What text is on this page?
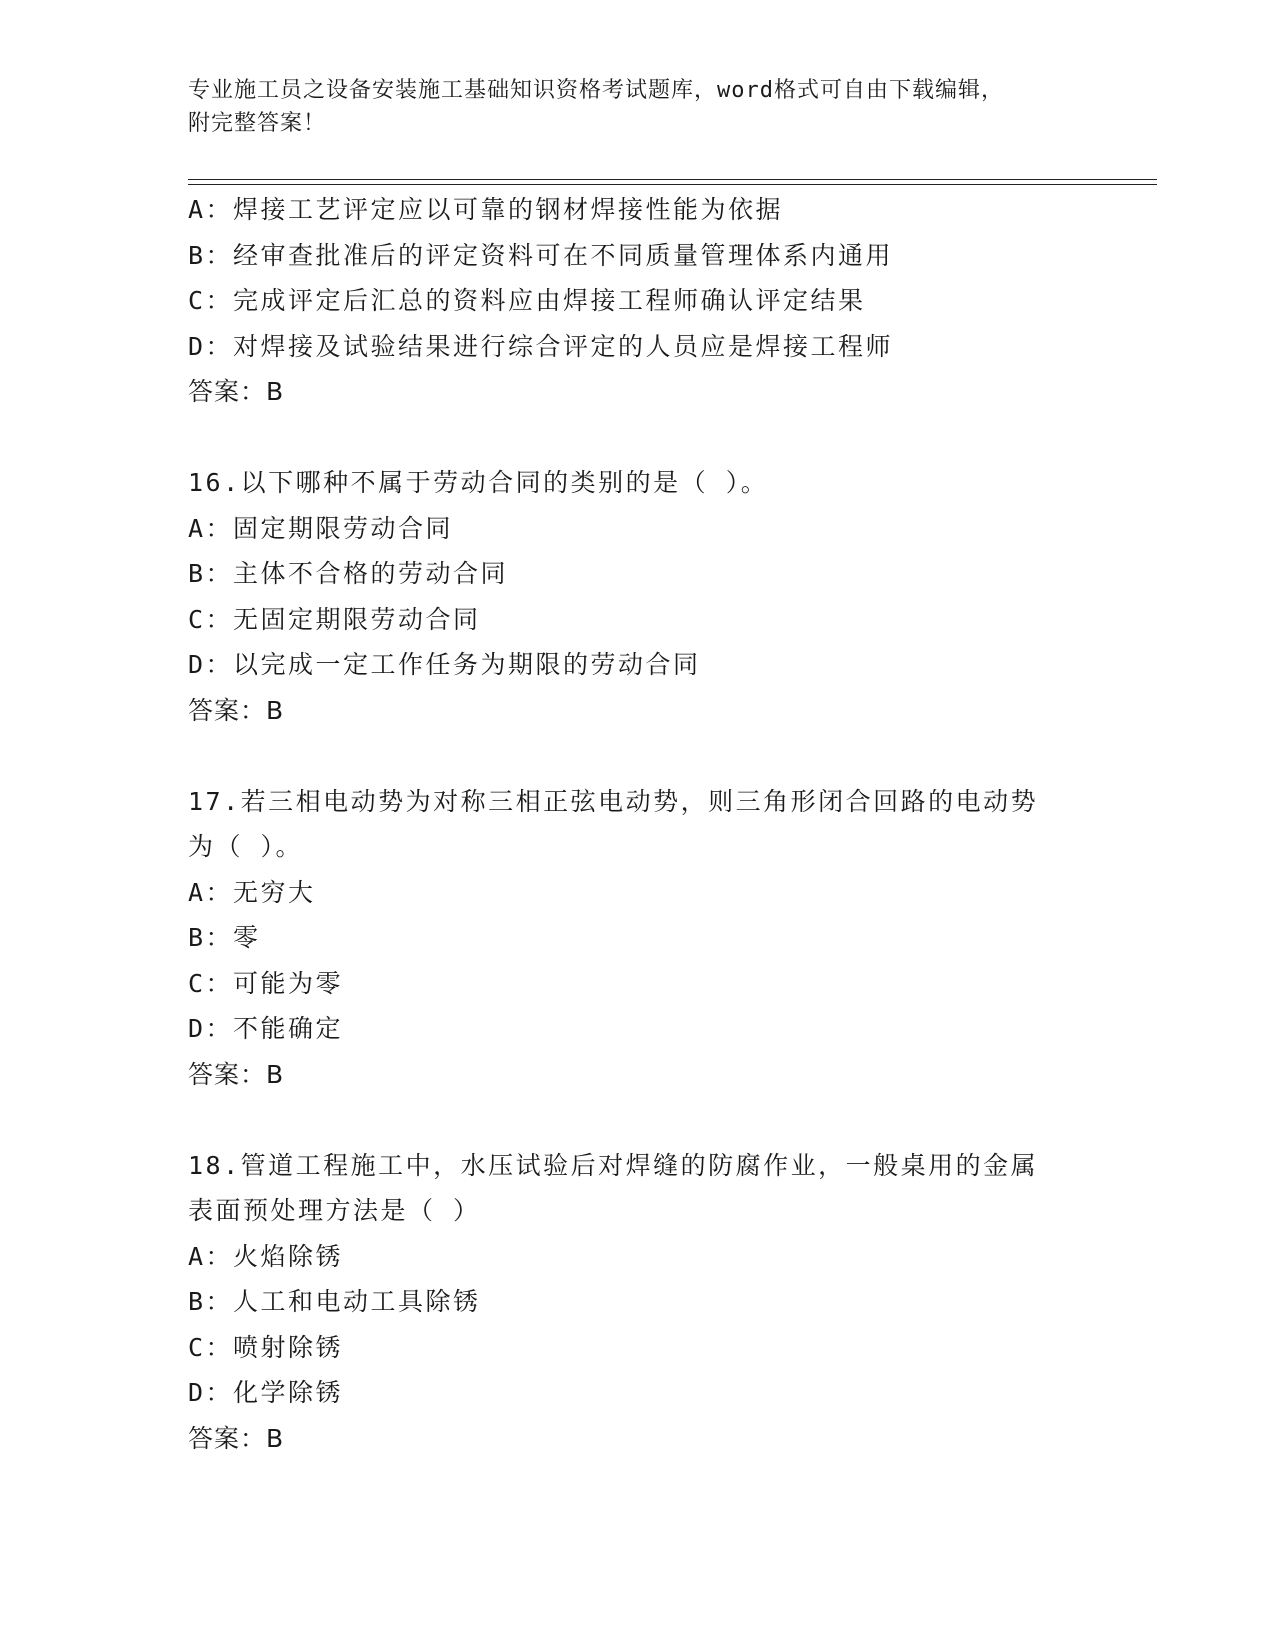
专业施工员之设备安装施工基础知识资格考试题库，word格式可自由下载编辑，
附完整答案！

A：焊接工艺评定应以可靠的钢材焊接性能为依据

B：经审查批准后的评定资料可在不同质量管理体系内通用

C：完成评定后汇总的资料应由焊接工程师确认评定结果

D：对焊接及试验结果进行综合评定的人员应是焊接工程师

答案：B

16.以下哪种不属于劳动合同的类别的是（ ）。

A：固定期限劳动合同

B：主体不合格的劳动合同

C：无固定期限劳动合同

D：以完成一定工作任务为期限的劳动合同

答案：B

17.若三相电动势为对称三相正弦电动势，则三角形闭合回路的电动势

为（ ）。

A：无穷大

B：零

C：可能为零

D：不能确定

答案：B

18.管道工程施工中，水压试验后对焊缝的防腐作业，一般桌用的金属

表面预处理方法是（ ）

A：火焰除锈

B：人工和电动工具除锈

C：喷射除锈

D：化学除锈

答案：B
